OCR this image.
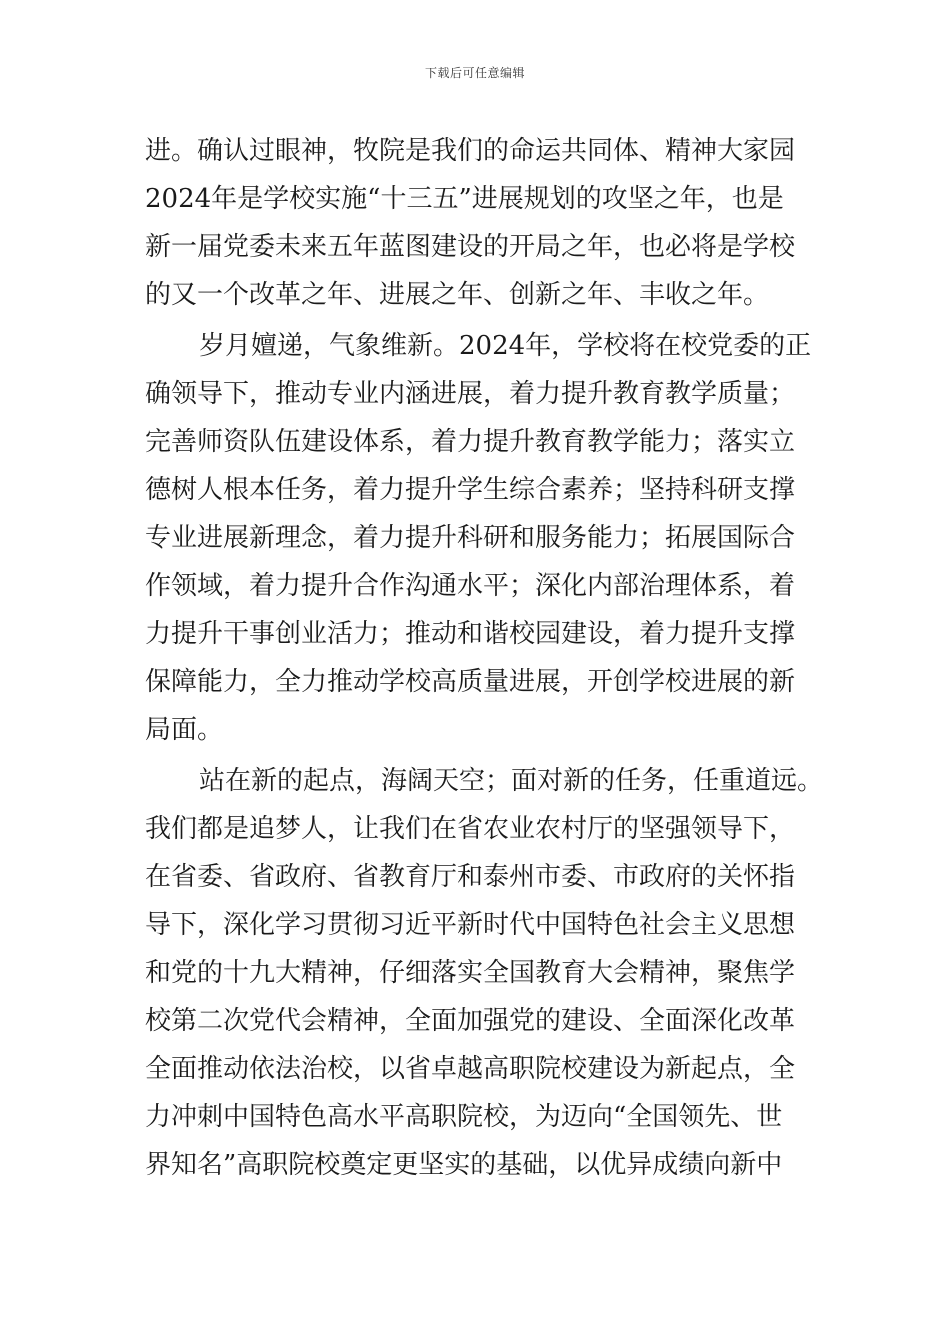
下载后可任意编辑
进。确认过眼神，牧院是我们的命运共同体、精神大家园
2024年是学校实施“十三五”进展规划的攻坚之年，也是
新一届党委未来五年蓝图建设的开局之年，也必将是学校
的又一个改革之年、进展之年、创新之年、丰收之年。
岁月嬗递，气象维新。2024年，学校将在校党委的正
确领导下，推动专业内涵进展，着力提升教育教学质量；
完善师资队伍建设体系，着力提升教育教学能力；落实立
德树人根本任务，着力提升学生综合素养；坚持科研支撑
专业进展新理念，着力提升科研和服务能力；拓展国际合
作领域，着力提升合作沟通水平；深化内部治理体系，着
力提升干事创业活力；推动和谐校园建设，着力提升支撑
保障能力，全力推动学校高质量进展，开创学校进展的新
局面。
站在新的起点，海阔天空；面对新的任务，任重道远。
我们都是追梦人，让我们在省农业农村厅的坚强领导下，
在省委、省政府、省教育厅和泰州市委、市政府的关怀指
导下，深化学习贯彻习近平新时代中国特色社会主义思想
和党的十九大精神，仔细落实全国教育大会精神，聚焦学
校第二次党代会精神，全面加强党的建设、全面深化改革
全面推动依法治校，以省卓越高职院校建设为新起点，全
力冲刺中国特色高水平高职院校，为迈向“全国领先、世
界知名”高职院校奠定更坚实的基础，以优异成绩向新中
